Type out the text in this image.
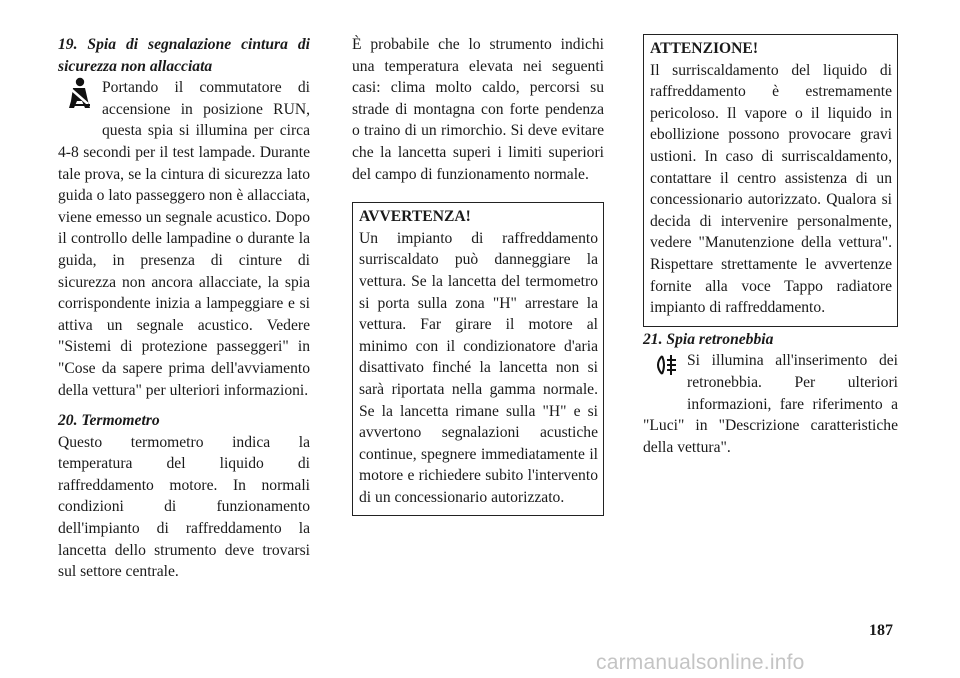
19. Spia di segnalazione cintura di sicurezza non allacciata

Portando il commutatore di accensione in posizione RUN, questa spia si illumina per circa 4-8 secondi per il test lampade. Durante tale prova, se la cintura di sicurezza lato guida o lato passeggero non è allacciata, viene emesso un segnale acustico. Dopo il controllo delle lampadine o durante la guida, in presenza di cinture di sicurezza non ancora allacciate, la spia corrispondente inizia a lampeggiare e si attiva un segnale acustico. Vedere "Sistemi di protezione passeggeri" in "Cose da sapere prima dell'avviamento della vettura" per ulteriori informazioni.

20. Termometro

Questo termometro indica la temperatura del liquido di raffreddamento motore. In normali condizioni di funzionamento dell'impianto di raffreddamento la lancetta dello strumento deve trovarsi sul settore centrale.

È probabile che lo strumento indichi una temperatura elevata nei seguenti casi: clima molto caldo, percorsi su strade di montagna con forte pendenza o traino di un rimorchio. Si deve evitare che la lancetta superi i limiti superiori del campo di funzionamento normale.

AVVERTENZA!

Un impianto di raffreddamento surriscaldato può danneggiare la vettura. Se la lancetta del termometro si porta sulla zona "H" arrestare la vettura. Far girare il motore al minimo con il condizionatore d'aria disattivato finché la lancetta non si sarà riportata nella gamma normale. Se la lancetta rimane sulla "H" e si avvertono segnalazioni acustiche continue, spegnere immediatamente il motore e richiedere subito l'intervento di un concessionario autorizzato.

ATTENZIONE!

Il surriscaldamento del liquido di raffreddamento è estremamente pericoloso. Il vapore o il liquido in ebollizione possono provocare gravi ustioni. In caso di surriscaldamento, contattare il centro assistenza di un concessionario autorizzato. Qualora si decida di intervenire personalmente, vedere "Manutenzione della vettura". Rispettare strettamente le avvertenze fornite alla voce Tappo radiatore impianto di raffreddamento.

21. Spia retronebbia

Si illumina all'inserimento dei retronebbia. Per ulteriori informazioni, fare riferimento a "Luci" in "Descrizione caratteristiche della vettura".

187
carmanualsonline.info
